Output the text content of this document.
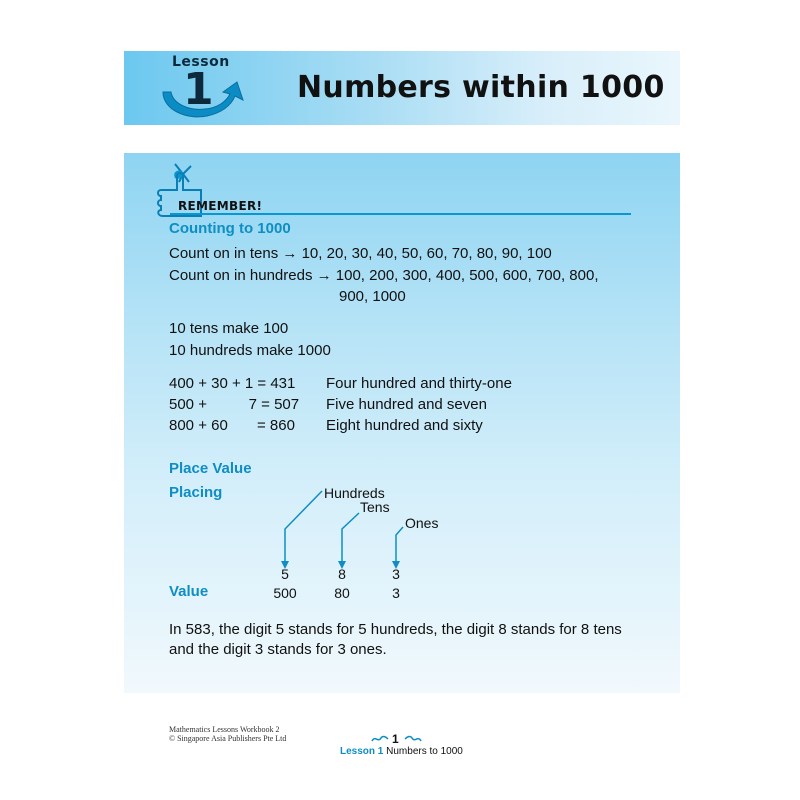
Lesson
1	Numbers within 1000
REMEMBER!
Counting to 1000
Count on in tens → 10, 20, 30, 40, 50, 60, 70, 80, 90, 100
Count on in hundreds → 100, 200, 300, 400, 500, 600, 700, 800,
900, 1000
10 tens make 100
10 hundreds make 1000
400 + 30 + 1 = 431 Four hundred and thirty-one
500 +          7 = 507 Five hundred and seven
800 + 60       = 860 Eight hundred and sixty
Place Value
Placing	Hundreds
Tens
Ones
5	8	3
Value	500	80	3
In 583, the digit 5 stands for 5 hundreds, the digit 8 stands for 8 tens
and the digit 3 stands for 3 ones.
Mathematics Lessons Workbook 2
© Singapore Asia Publishers Pte Ltd	1
Lesson 1 Numbers to 1000
